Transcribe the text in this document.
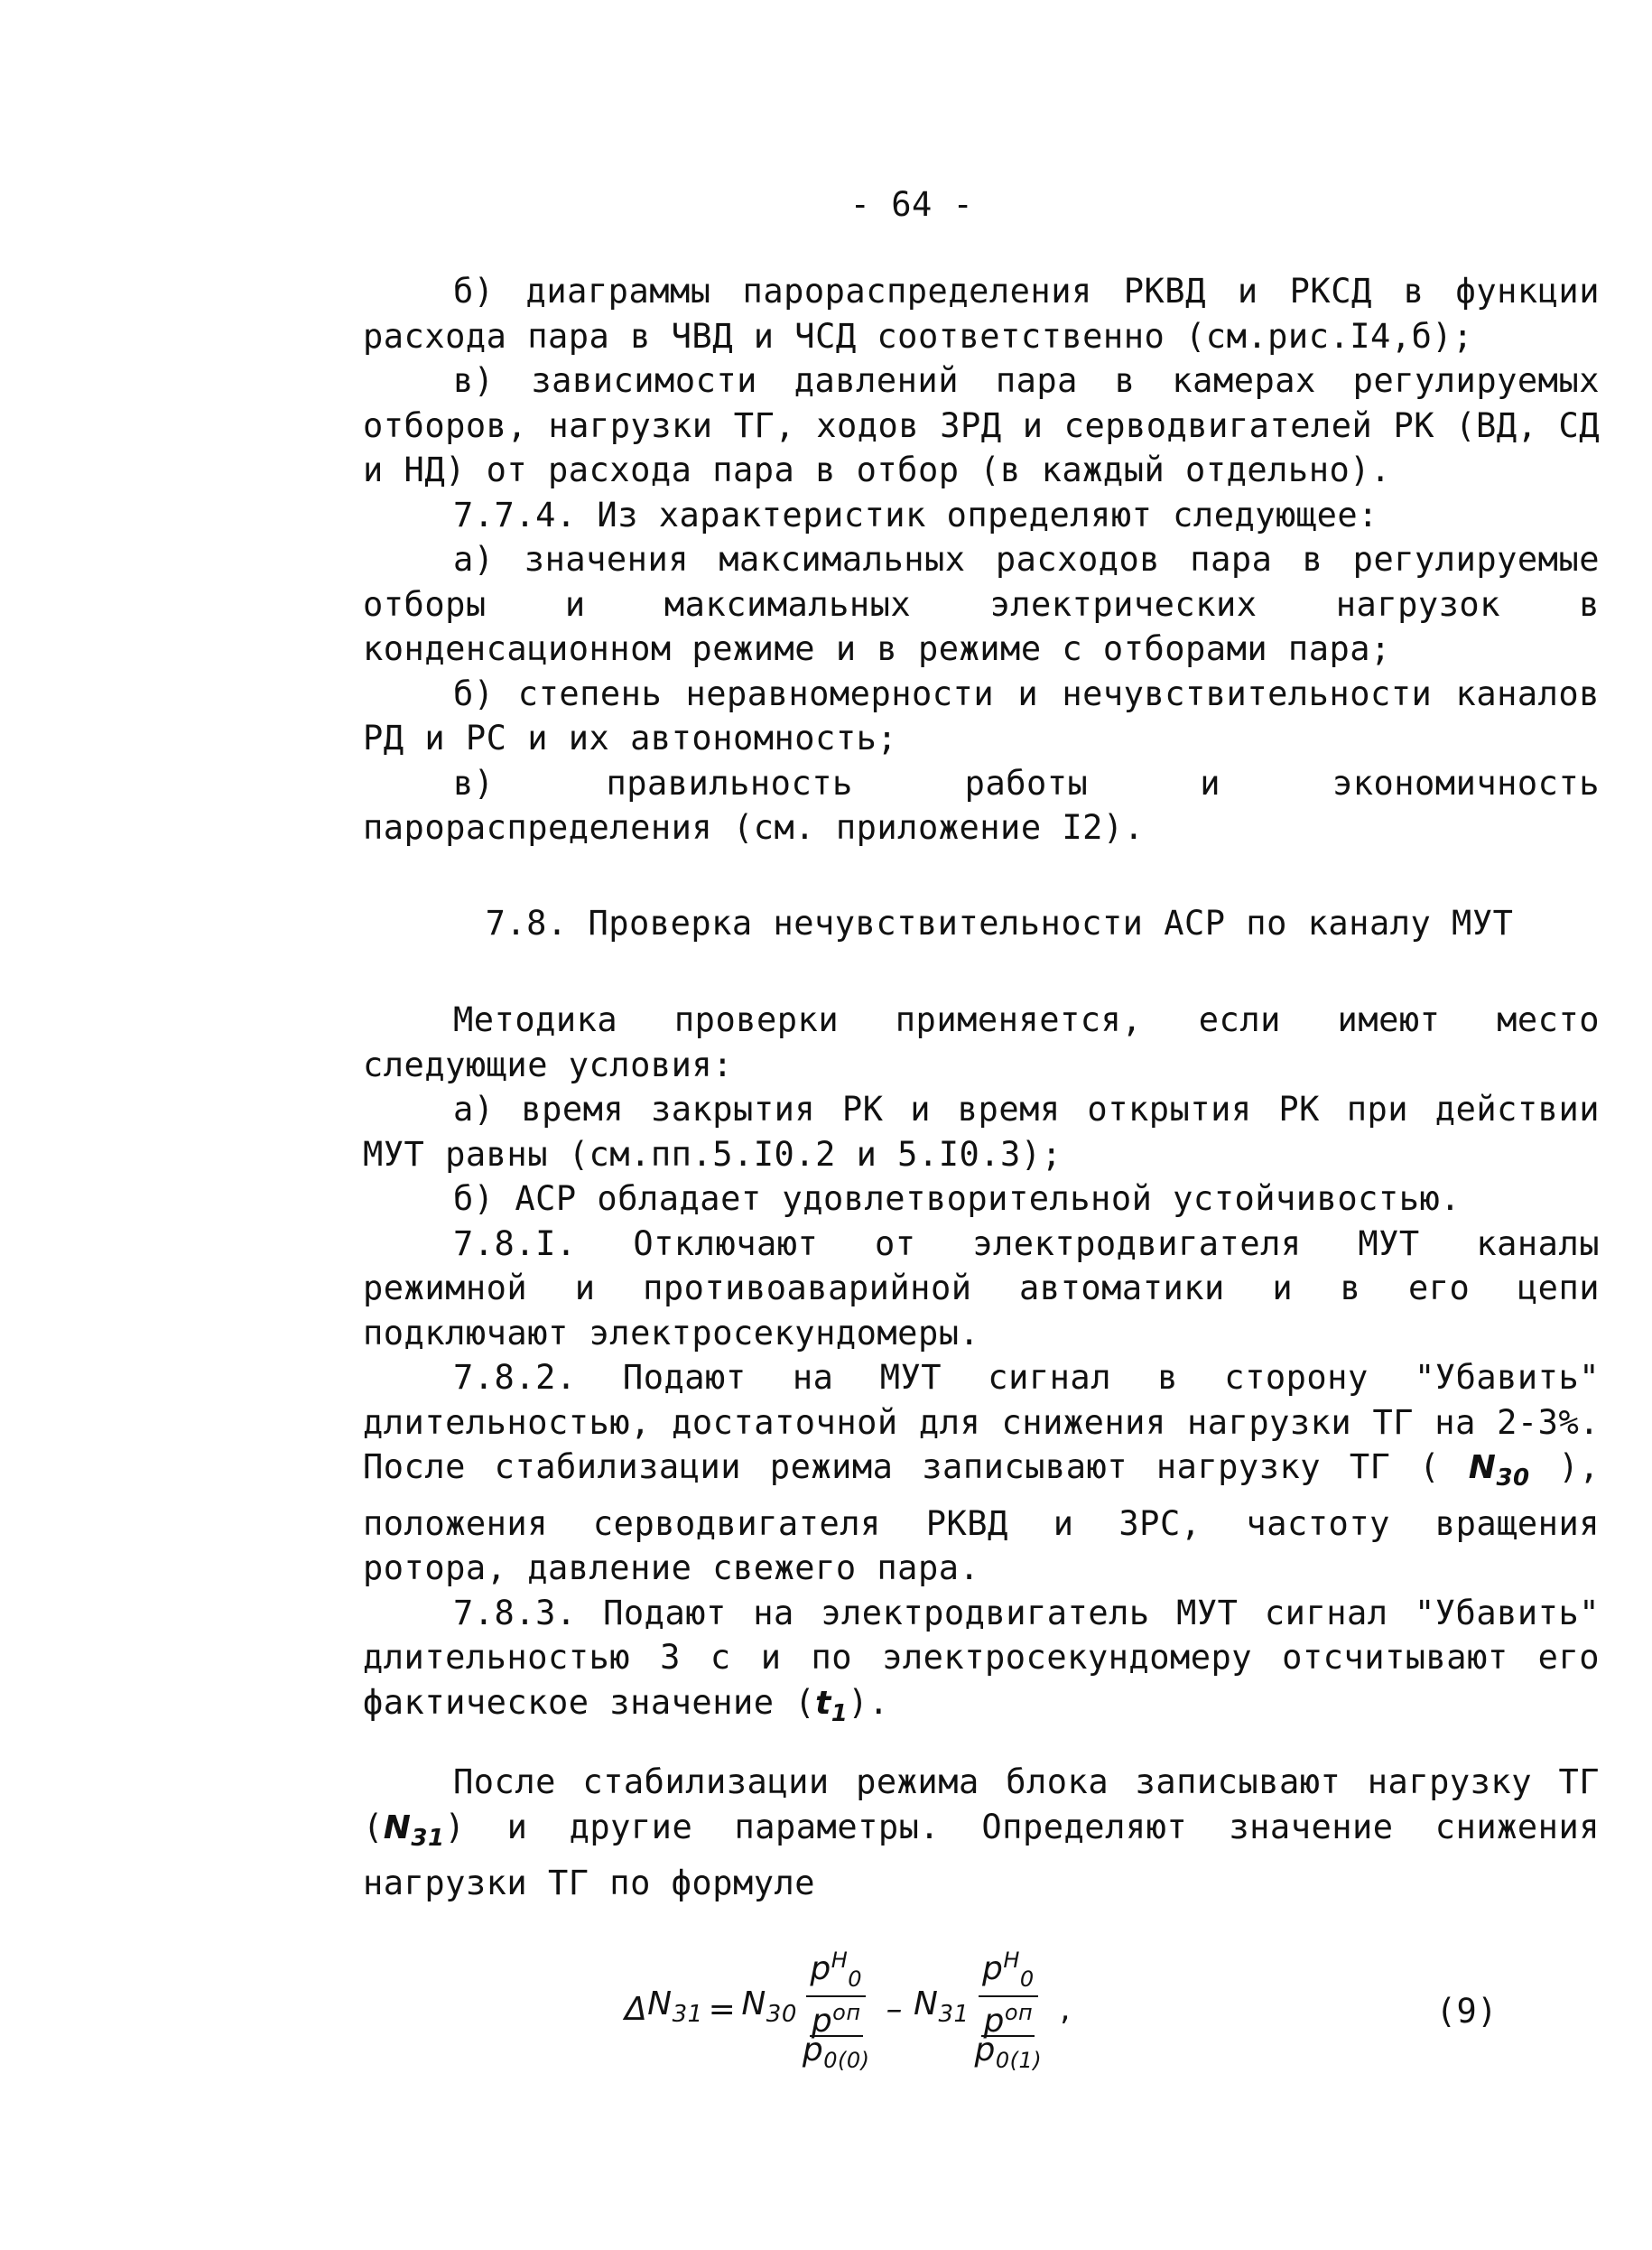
- 64 -

б) диаграммы парораспределения РКВД и РКСД в функции расхода пара в ЧВД и ЧСД соответственно (см.рис.I4,б);

в) зависимости давлений пара в камерах регулируемых отборов, нагрузки ТГ, ходов ЗРД и серводвигателей РК (ВД, СД и НД) от расхода пара в отбор (в каждый отдельно).

7.7.4. Из характеристик определяют следующее:

а) значения максимальных расходов пара в регулируемые отборы и максимальных электрических нагрузок в конденсационном режиме и в режиме с отборами пара;

б) степень неравномерности и нечувствительности каналов РД и РС и их автономность;

в) правильность работы и экономичность парораспределения (см. приложение I2).

7.8. Проверка нечувствительности АСР по каналу МУТ

Методика проверки применяется, если имеют место следующие условия:

а) время закрытия РК и время открытия РК при действии МУТ равны (см.пп.5.I0.2 и 5.I0.3);

б) АСР обладает удовлетворительной устойчивостью.

7.8.I. Отключают от электродвигателя МУТ каналы режимной и противоаварийной автоматики и в его цепи подключают электросекундомеры.

7.8.2. Подают на МУТ сигнал в сторону "Убавить" длительностью, достаточной для снижения нагрузки ТГ на 2-3%. После стабилизации режима записывают нагрузку ТГ ( $N_{30}$ ), положения серводвигателя РКВД и ЗРС, частоту вращения ротора, давление свежего пара.

7.8.3. Подают на электродвигатель МУТ сигнал "Убавить" длительностью 3 с и по электросекундомеру отсчитывают его фактическое значение $(t_1)$.

После стабилизации режима блока записывают нагрузку ТГ $(N_{31})$ и другие параметры. Определяют значение снижения нагрузки ТГ по формуле

Δ $N_{31} = N_{30}$ $p^Н_0$
$p^{оп}$
$p_{0(0)} - N_{31}$ $p^Н_0$
$p^{оп}$
$p_{0(1)}$ ,	(9)
